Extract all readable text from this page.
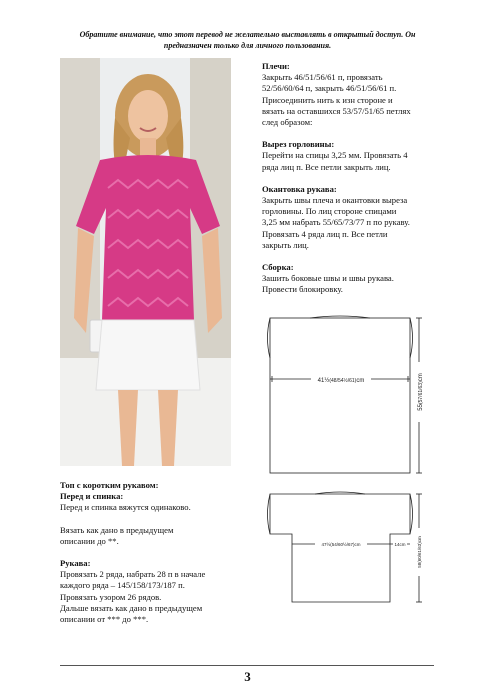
Обратите внимание, что этот перевод не желательно выставлять в открытый доступ. Он
предназначен только для личного пользования.
Плечи:
Закрыть 46/51/56/61 п, провязать
52/56/60/64 п, закрыть 46/51/56/61 п.
Присоединить нить к изн стороне и
вязать на оставшихся 53/57/51/65 петлях
след образом:
Вырез горловины:
Перейти на спицы 3,25 мм. Провязать 4
ряда лиц п. Все петли закрыть лиц.
Окантовка рукава:
Закрыть швы плеча и окантовки выреза
горловины. По лиц стороне спицами
3,25 мм набрать 55/65/73/77 п по рукаву.
Провязать 4 ряда лиц п. Все петли
закрыть лиц.
Сборка:
Зашить боковые швы и швы рукава.
Провести блокировку.
41½(48/54½/61)cm
55(57/61/63)cm
Топ с коротким рукавом:
Перед и спинка:
Перед и спинка вяжутся одинаково.
Вязать как дано в предыдущем
описании до **.
Рукава:
Провязать 2 ряда, набрать 28 п в начале
каждого ряда – 145/158/173/187 п.
Провязать узором 26 рядов.
Дальше вязать как дано в предыдущем
описании от *** до ***.
47½(54/60½/67)cm	14cm	58(60/61/63)cm
3
